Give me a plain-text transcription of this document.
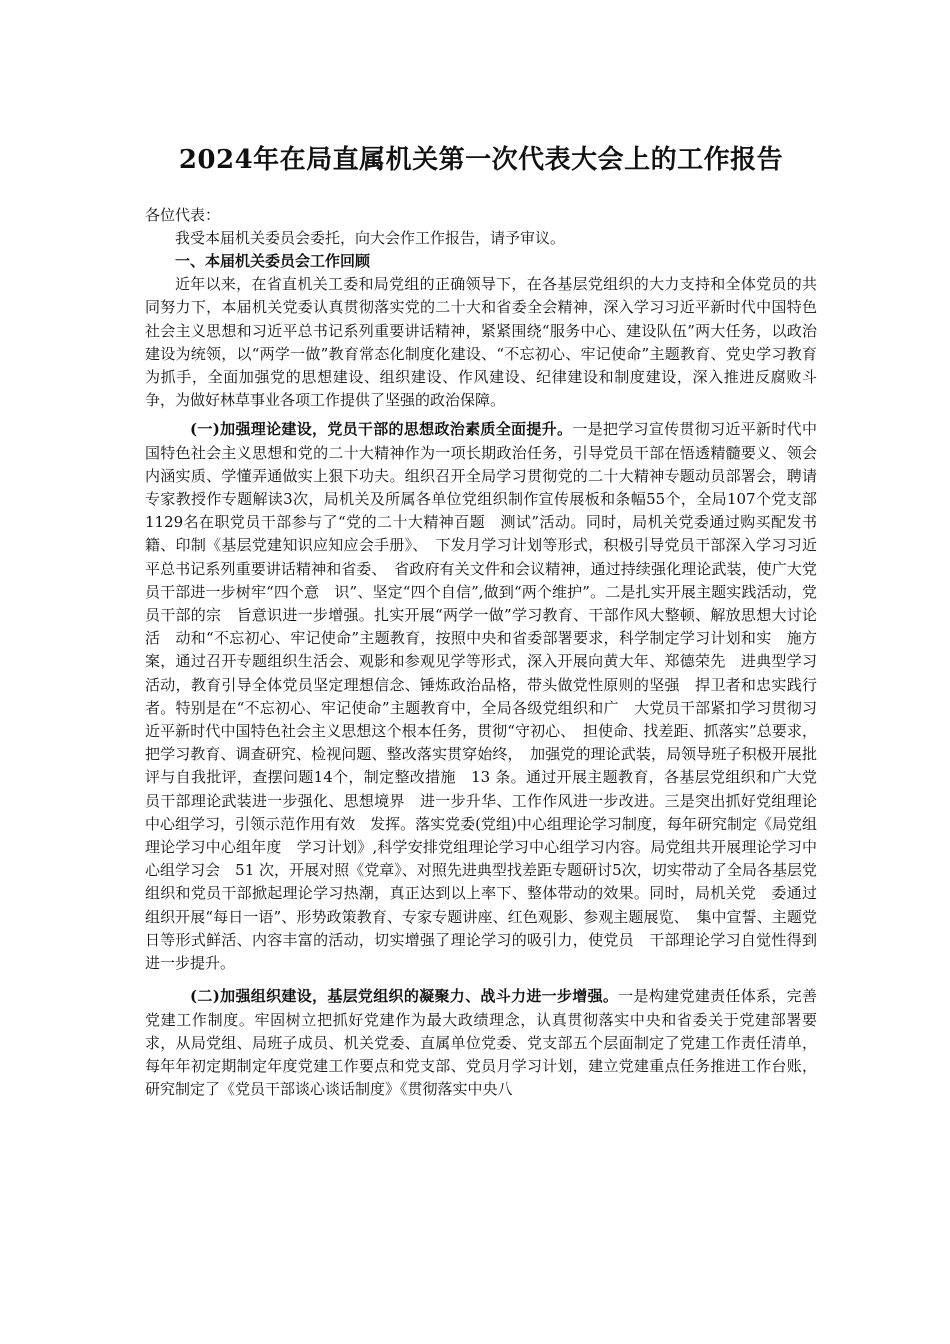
2024年在局直属机关第一次代表大会上的工作报告

各位代表：

我受本届机关委员会委托，向大会作工作报告，请予审议。

一、本届机关委员会工作回顾

近年以来，在省直机关工委和局党组的正确领导下，在各基层党组织的大力支持和全体党员的共同努力下，本届机关党委认真贯彻落实党的二十大和省委全会精神，深入学习习近平新时代中国特色社会主义思想和习近平总书记系列重要讲话精神，紧紧围绕“服务中心、建设队伍”两大任务，以政治建设为统领，以“两学一做”教育常态化制度化建设、“不忘初心、牢记使命”主题教育、党史学习教育为抓手，全面加强党的思想建设、组织建设、作风建设、纪律建设和制度建设，深入推进反腐败斗争，为做好林草事业各项工作提供了坚强的政治保障。

(一)加强理论建设，党员干部的思想政治素质全面提升。一是把学习宣传贯彻习近平新时代中国特色社会主义思想和党的二十大精神作为一项长期政治任务，引导党员干部在悟透精髓要义、领会内涵实质、学懂弄通做实上狠下功夫。组织召开全局学习贯彻党的二十大精神专题动员部署会，聘请专家教授作专题解读3次，局机关及所属各单位党组织制作宣传展板和条幅55个，全局107个党支部1129名在职党员干部参与了“党的二十大精神百题　测试”活动。同时，局机关党委通过购买配发书籍、印制《基层党建知识应知应会手册》、　下发月学习计划等形式，积极引导党员干部深入学习习近平总书记系列重要讲话精神和省委、　省政府有关文件和会议精神，通过持续强化理论武装，使广大党员干部进一步树牢“四个意　识”、坚定“四个自信”,做到“两个维护”。二是扎实开展主题实践活动，党员干部的宗　旨意识进一步增强。扎实开展“两学一做”学习教育、干部作风大整顿、解放思想大讨论活　动和“不忘初心、牢记使命”主题教育，按照中央和省委部署要求，科学制定学习计划和实　施方案，通过召开专题组织生活会、观影和参观见学等形式，深入开展向黄大年、郑德荣先　进典型学习活动，教育引导全体党员坚定理想信念、锤炼政治品格，带头做党性原则的坚强　捍卫者和忠实践行者。特别是在“不忘初心、牢记使命”主题教育中，全局各级党组织和广　大党员干部紧扣学习贯彻习近平新时代中国特色社会主义思想这个根本任务，贯彻“守初心、　担使命、找差距、抓落实”总要求，把学习教育、调查研究、检视问题、整改落实贯穿始终，　加强党的理论武装，局领导班子积极开展批评与自我批评，查摆问题14个，制定整改措施　13 条。通过开展主题教育，各基层党组织和广大党员干部理论武装进一步强化、思想境界　进一步升华、工作作风进一步改进。三是突出抓好党组理论中心组学习，引领示范作用有效　发挥。落实党委(党组)中心组理论学习制度，每年研究制定《局党组理论学习中心组年度　学习计划》,科学安排党组理论学习中心组学习内容。局党组共开展理论学习中心组学习会　51 次，开展对照《党章》、对照先进典型找差距专题研讨5次，切实带动了全局各基层党　组织和党员干部掀起理论学习热潮，真正达到以上率下、整体带动的效果。同时，局机关党　委通过组织开展“每日一语”、形势政策教育、专家专题讲座、红色观影、参观主题展览、　集中宣誓、主题党日等形式鲜活、内容丰富的活动，切实增强了理论学习的吸引力，使党员　干部理论学习自觉性得到进一步提升。

(二)加强组织建设，基层党组织的凝聚力、战斗力进一步增强。一是构建党建责任体系，完善党建工作制度。牢固树立把抓好党建作为最大政绩理念，认真贯彻落实中央和省委关于党建部署要求，从局党组、局班子成员、机关党委、直属单位党委、党支部五个层面制定了党建工作责任清单，每年年初定期制定年度党建工作要点和党支部、党员月学习计划，建立党建重点任务推进工作台账，研究制定了《党员干部谈心谈话制度》《贯彻落实中央八
